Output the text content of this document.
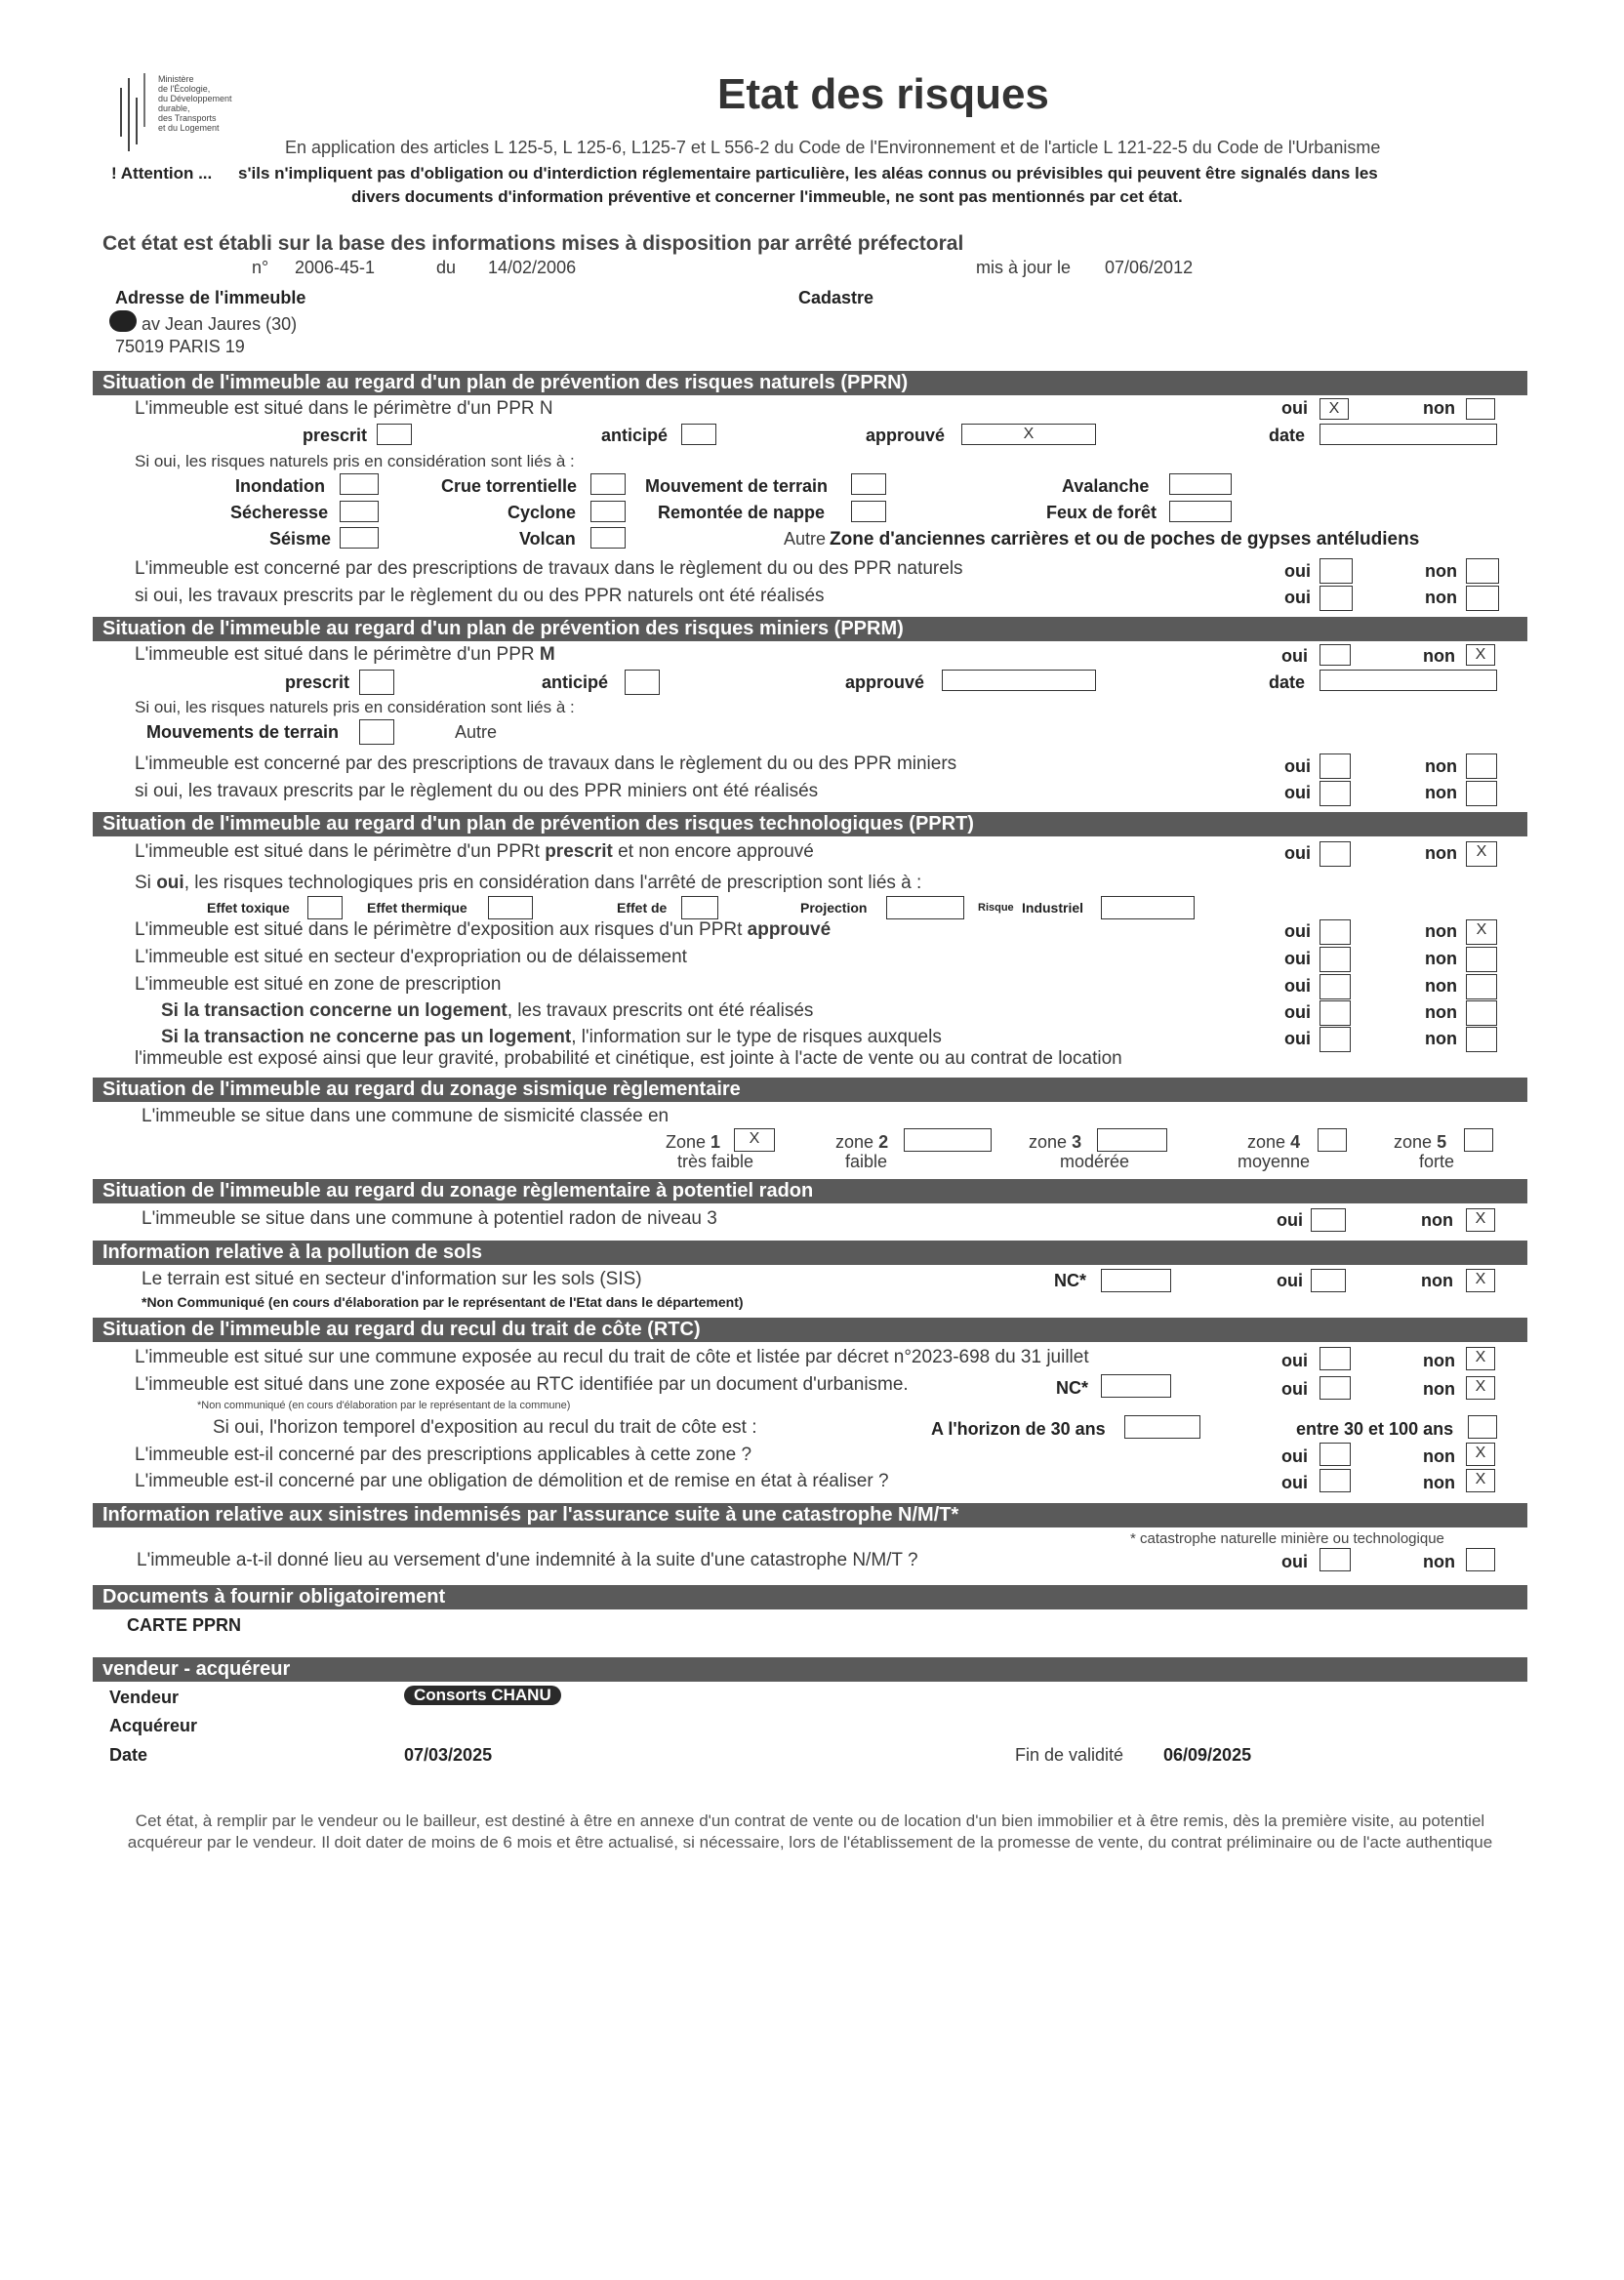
Ministère
de l'Écologie,
du Développement
durable,
des Transports
et du Logement
Etat des risques
En application des articles L 125-5, L 125-6, L125-7 et L 556-2 du Code de l'Environnement et de l'article L 121-22-5 du Code de l'Urbanisme
! Attention ... s'ils n'impliquent pas d'obligation ou d'interdiction réglementaire particulière, les aléas connus ou prévisibles qui peuvent être signalés dans les
divers documents d'information préventive et concerner l'immeuble, ne sont pas mentionnés par cet état.
Cet état est établi sur la base des informations mises à disposition par arrêté préfectoral
n° 2006-45-1	du 14/02/2006	mis à jour le 07/06/2012
Adresse de l'immeuble	Cadastre
av Jean Jaures (30)
75019 PARIS 19
Situation de l'immeuble au regard d'un plan de prévention des risques naturels (PPRN)
L'immeuble est situé dans le périmètre d'un PPR N	oui	X	non
prescrit	anticipé	approuvé	X	date
Si oui, les risques naturels pris en considération sont liés à :
Inondation	Crue torrentielle	Mouvement de terrain	Avalanche
Sécheresse	Cyclone	Remontée de nappe	Feux de forêt
Séisme	Volcan	Autre Zone d'anciennes carrières et ou de poches de gypses antéludiens
L'immeuble est concerné par des prescriptions de travaux dans le règlement du ou des PPR naturels	oui	non
si oui, les travaux prescrits par le règlement du ou des PPR naturels ont été réalisés	oui	non
Situation de l'immeuble au regard d'un plan de prévention des risques miniers (PPRM)
L'immeuble est situé dans le périmètre d'un PPR M	oui	non	X
prescrit	anticipé	approuvé	date
Si oui, les risques naturels pris en considération sont liés à :
Mouvements de terrain	Autre
L'immeuble est concerné par des prescriptions de travaux dans le règlement du ou des PPR miniers	oui	non
si oui, les travaux prescrits par le règlement du ou des PPR miniers ont été réalisés	oui	non
Situation de l'immeuble au regard d'un plan de prévention des risques technologiques (PPRT)
L'immeuble est situé dans le périmètre d'un PPRt prescrit et non encore approuvé	oui	non	X
Si oui, les risques technologiques pris en considération dans l'arrêté de prescription sont liés à :
Effet toxique	Effet thermique	Effet de	Projection	Risque Industriel
L'immeuble est situé dans le périmètre d'exposition aux risques d'un PPRt approuvé	oui	non	X
L'immeuble est situé en secteur d'expropriation ou de délaissement	oui	non
L'immeuble est situé en zone de prescription	oui	non
Si la transaction concerne un logement, les travaux prescrits ont été réalisés	oui	non
Si la transaction ne concerne pas un logement, l'information sur le type de risques auxquels	oui	non
l'immeuble est exposé ainsi que leur gravité, probabilité et cinétique, est jointe à l'acte de vente ou au contrat de location
Situation de l'immeuble au regard du zonage sismique règlementaire
L'immeuble se situe dans une commune de sismicité classée en
Zone 1	X
très faible
zone 2
faible
zone 3
modérée
zone 4
moyenne
zone 5
forte
Situation de l'immeuble au regard du zonage règlementaire à potentiel radon
L'immeuble se situe dans une commune à potentiel radon de niveau 3	oui	non	X
Information relative à la pollution de sols
Le terrain est situé en secteur d'information sur les sols (SIS)	NC*	oui	non	X
*Non Communiqué (en cours d'élaboration par le représentant de l'Etat dans le département)
Situation de l'immeuble au regard du recul du trait de côte (RTC)
L'immeuble est situé sur une commune exposée au recul du trait de côte et listée par décret n°2023-698 du 31 juillet	oui	non	X
L'immeuble est situé dans une zone exposée au RTC identifiée par un document d'urbanisme.	NC*	oui	non	X
*Non communiqué (en cours d'élaboration par le représentant de la commune)
Si oui, l'horizon temporel d'exposition au recul du trait de côte est :	A l'horizon de 30 ans	entre 30 et 100 ans
L'immeuble est-il concerné par des prescriptions applicables à cette zone ?	oui	non	X
L'immeuble est-il concerné par une obligation de démolition et de remise en état à réaliser ?	oui	non	X
Information relative aux sinistres indemnisés par l'assurance suite à une catastrophe N/M/T*
* catastrophe naturelle minière ou technologique
L'immeuble a-t-il donné lieu au versement d'une indemnité à la suite d'une catastrophe N/M/T ?	oui	non
Documents à fournir obligatoirement
CARTE PPRN
vendeur - acquéreur
Vendeur	Consorts CHANU
Acquéreur
Date	07/03/2025	Fin de validité 06/09/2025
Cet état, à remplir par le vendeur ou le bailleur, est destiné à être en annexe d'un contrat de vente ou de location d'un bien immobilier et à être remis, dès la première visite, au potentiel acquéreur par le vendeur. Il doit dater de moins de 6 mois et être actualisé, si nécessaire, lors de l'établissement de la promesse de vente, du contrat préliminaire ou de l'acte authentique
